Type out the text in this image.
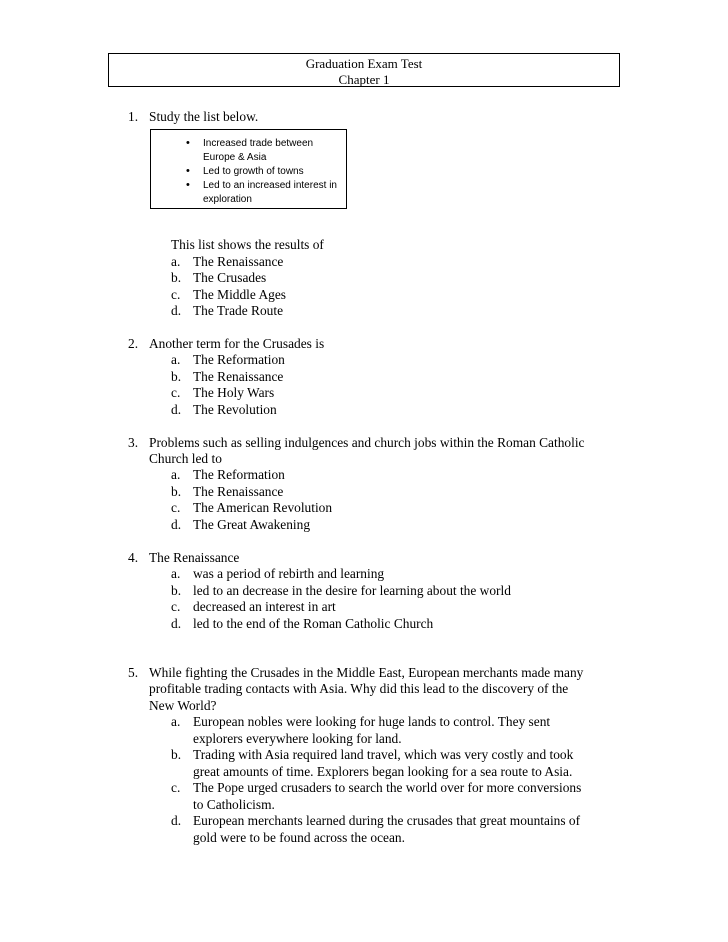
Graduation Exam Test
Chapter 1
1. Study the list below.
• Increased trade between Europe & Asia
• Led to growth of towns
• Led to an increased interest in exploration
This list shows the results of
a. The Renaissance
b. The Crusades
c. The Middle Ages
d. The Trade Route
2. Another term for the Crusades is
a. The Reformation
b. The Renaissance
c. The Holy Wars
d. The Revolution
3. Problems such as selling indulgences and church jobs within the Roman Catholic
Church led to
a. The Reformation
b. The Renaissance
c. The American Revolution
d. The Great Awakening
4. The Renaissance
a. was a period of rebirth and learning
b. led to an decrease in the desire for learning about the world
c. decreased an interest in art
d. led to the end of the Roman Catholic Church
5. While fighting the Crusades in the Middle East, European merchants made many
profitable trading contacts with Asia. Why did this lead to the discovery of the
New World?
a. European nobles were looking for huge lands to control. They sent
explorers everywhere looking for land.
b. Trading with Asia required land travel, which was very costly and took
great amounts of time. Explorers began looking for a sea route to Asia.
c. The Pope urged crusaders to search the world over for more conversions
to Catholicism.
d. European merchants learned during the crusades that great mountains of
gold were to be found across the ocean.
